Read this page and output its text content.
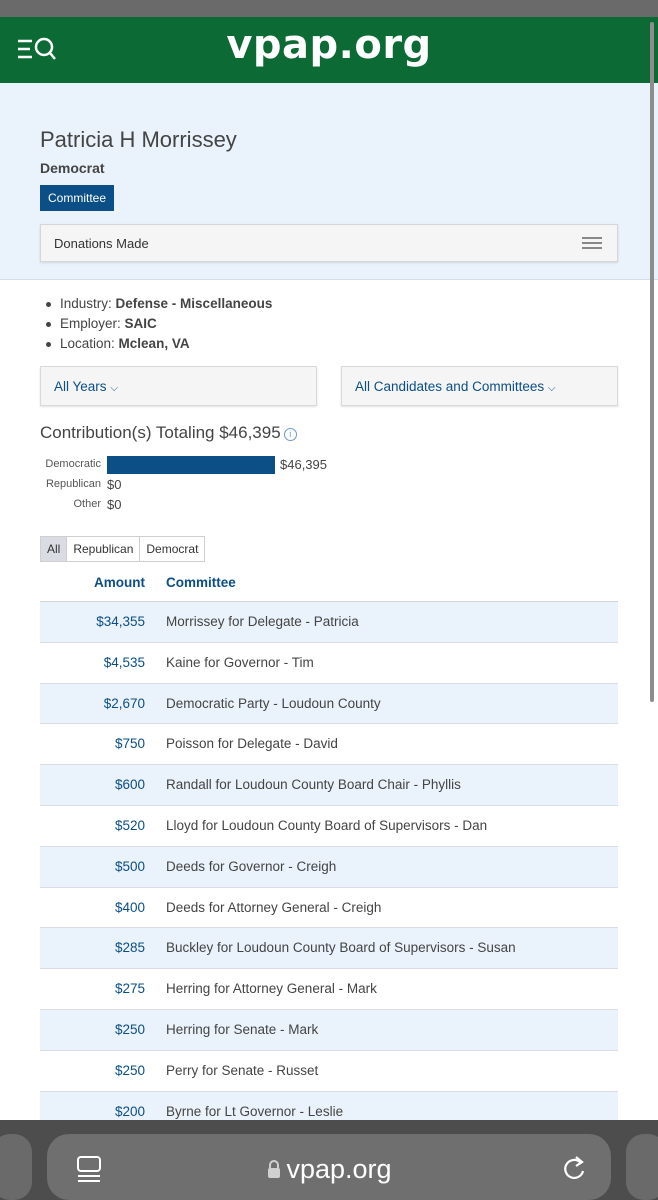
vpap.org
Patricia H Morrissey
Democrat
Committee
Donations Made
Industry: Defense - Miscellaneous
Employer: SAIC
Location: Mclean, VA
All Years ⌵	All Candidates and Committees ⌵
Contribution(s) Totaling $46,395 i
Democratic	$46,395
Republican $0
Other $0
All	Republican	Democrat
Amount Committee
$34,355 Morrissey for Delegate - Patricia
$4,535 Kaine for Governor - Tim
$2,670 Democratic Party - Loudoun County
$750 Poisson for Delegate - David
$600 Randall for Loudoun County Board Chair - Phyllis
$520 Lloyd for Loudoun County Board of Supervisors - Dan
$500 Deeds for Governor - Creigh
$400 Deeds for Attorney General - Creigh
$285 Buckley for Loudoun County Board of Supervisors - Susan
$275 Herring for Attorney General - Mark
$250 Herring for Senate - Mark
$250 Perry for Senate - Russet
$200 Byrne for Lt Governor - Leslie
vpap.org
